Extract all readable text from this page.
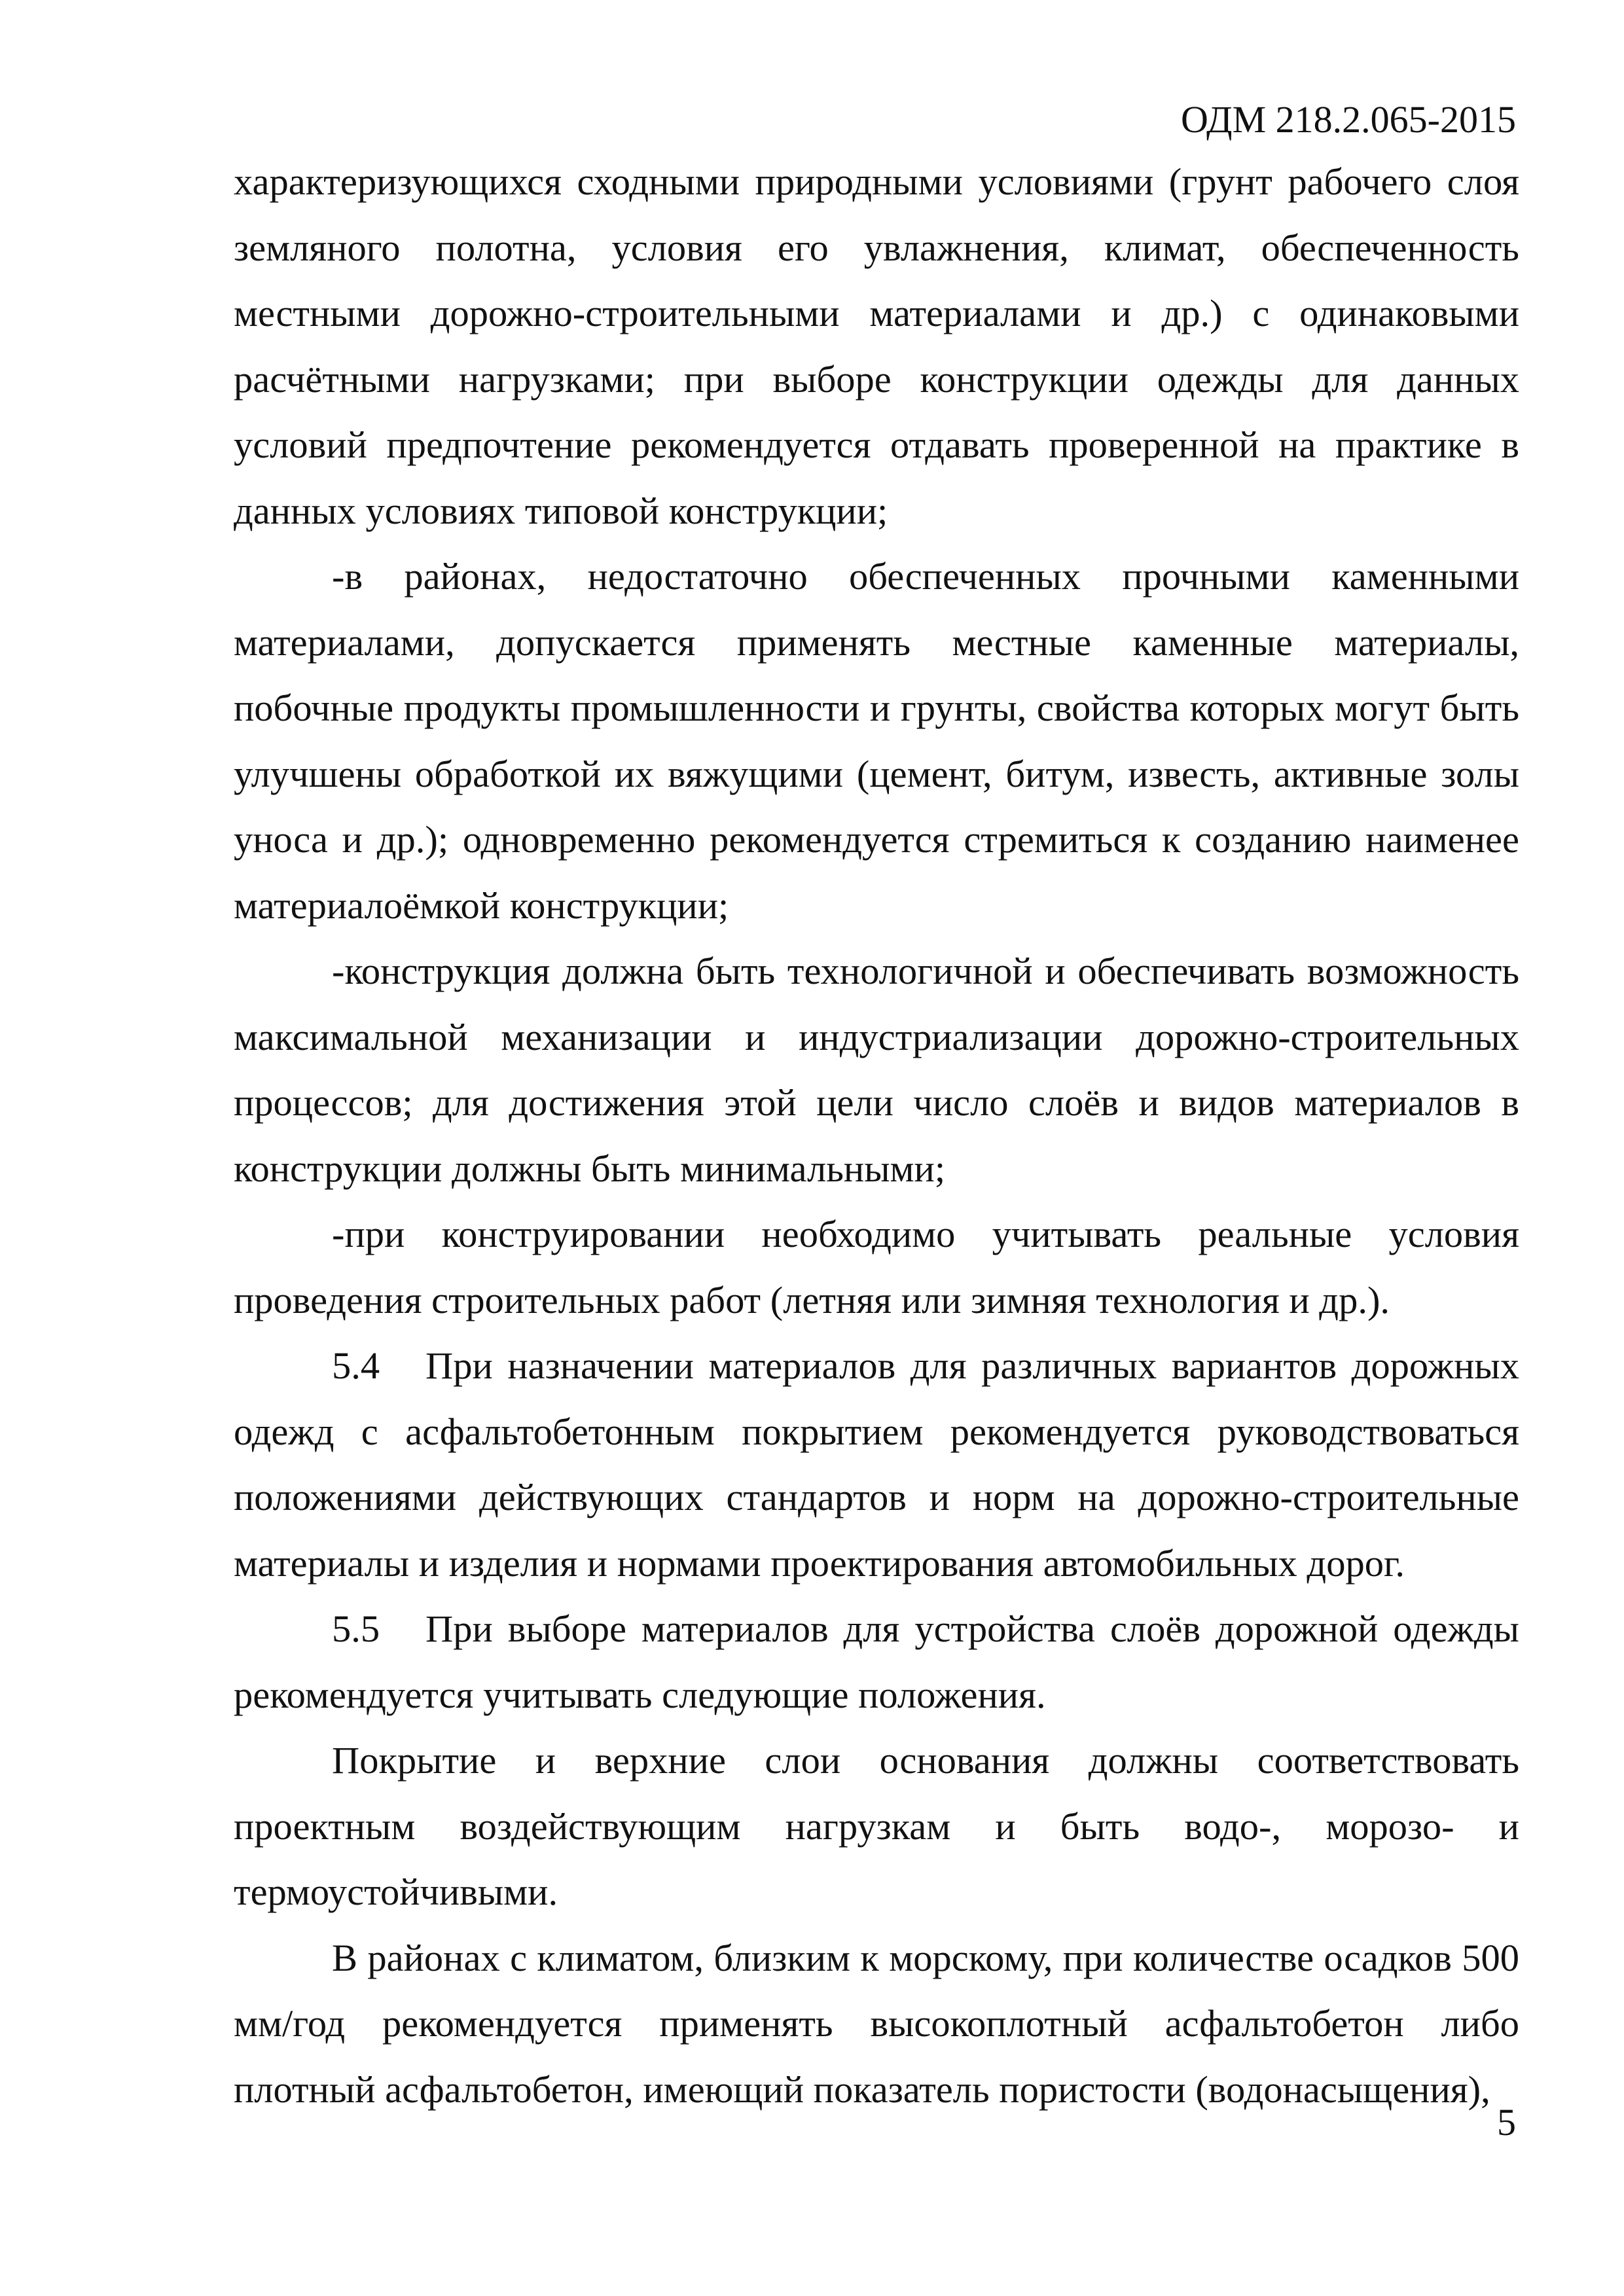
ОДМ 218.2.065-2015

характеризующихся сходными природными условиями (грунт рабочего слоя земляного полотна, условия его увлажнения, климат, обеспеченность местными дорожно-строительными материалами и др.) с одинаковыми расчётными нагрузками; при выборе конструкции одежды для данных условий предпочтение рекомендуется отдавать проверенной на практике в данных условиях типовой конструкции;

-в районах, недостаточно обеспеченных прочными каменными материалами, допускается применять местные каменные материалы, побочные продукты промышленности и грунты, свойства которых могут быть улучшены обработкой их вяжущими (цемент, битум, известь, активные золы уноса и др.); одновременно рекомендуется стремиться к созданию наименее материалоёмкой конструкции;

-конструкция должна быть технологичной и обеспечивать возможность максимальной механизации и индустриализации дорожно-строительных процессов; для достижения этой цели число слоёв и видов материалов в конструкции должны быть минимальными;

-при конструировании необходимо учитывать реальные условия проведения строительных работ (летняя или зимняя технология и др.).

5.4 При назначении материалов для различных вариантов дорожных одежд с асфальтобетонным покрытием рекомендуется руководствоваться положениями действующих стандартов и норм на дорожно-строительные материалы и изделия и нормами проектирования автомобильных дорог.

5.5 При выборе материалов для устройства слоёв дорожной одежды рекомендуется учитывать следующие положения.

Покрытие и верхние слои основания должны соответствовать проектным воздействующим нагрузкам и быть водо-, морозо- и термоустойчивыми.

В районах с климатом, близким к морскому, при количестве осадков 500 мм/год рекомендуется применять высокоплотный асфальтобетон либо плотный асфальтобетон, имеющий показатель пористости (водонасыщения),

5
